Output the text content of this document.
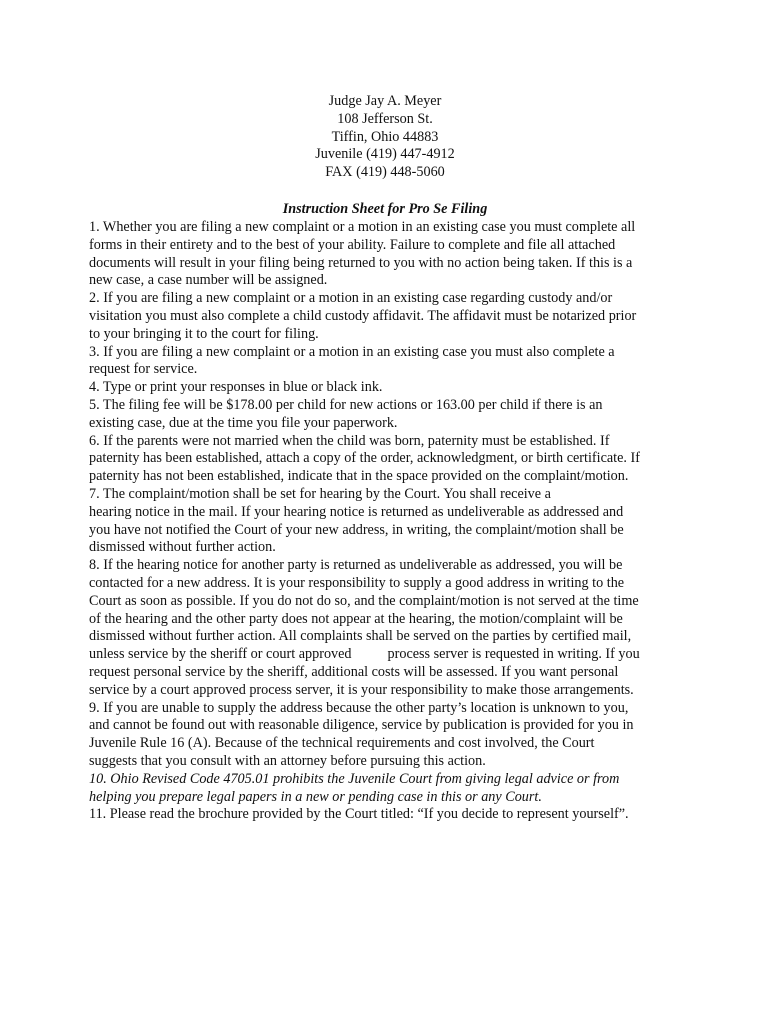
Judge Jay A. Meyer
108 Jefferson St.
Tiffin, Ohio 44883
Juvenile (419) 447-4912
FAX (419) 448-5060
Instruction Sheet for Pro Se Filing
1. Whether you are filing a new complaint or a motion in an existing case you must complete all
forms in their entirety and to the best of your ability. Failure to complete and file all attached
documents will result in your filing being returned to you with no action being taken. If this is a
new case, a case number will be assigned.
2. If you are filing a new complaint or a motion in an existing case regarding custody and/or
visitation you must also complete a child custody affidavit. The affidavit must be notarized prior
to your bringing it to the court for filing.
3. If you are filing a new complaint or a motion in an existing case you must also complete a
request for service.
4. Type or print your responses in blue or black ink.
5. The filing fee will be $178.00 per child for new actions or 163.00 per child if there is an
existing case, due at the time you file your paperwork.
6. If the parents were not married when the child was born, paternity must be established. If
paternity has been established, attach a copy of the order, acknowledgment, or birth certificate. If
paternity has not been established, indicate that in the space provided on the complaint/motion.
7. The complaint/motion shall be set for hearing by the Court. You shall receive a
hearing notice in the mail. If your hearing notice is returned as undeliverable as addressed and
you have not notified the Court of your new address, in writing, the complaint/motion shall be
dismissed without further action.
8. If the hearing notice for another party is returned as undeliverable as addressed, you will be
contacted for a new address. It is your responsibility to supply a good address in writing to the
Court as soon as possible. If you do not do so, and the complaint/motion is not served at the time
of the hearing and the other party does not appear at the hearing, the motion/complaint will be
dismissed without further action. All complaints shall be served on the parties by certified mail,
unless service by the sheriff or court approved	process server is requested in writing. If you
request personal service by the sheriff, additional costs will be assessed. If you want personal
service by a court approved process server, it is your responsibility to make those arrangements.
9. If you are unable to supply the address because the other party’s location is unknown to you,
and cannot be found out with reasonable diligence, service by publication is provided for you in
Juvenile Rule 16 (A). Because of the technical requirements and cost involved, the Court
suggests that you consult with an attorney before pursuing this action.
10. Ohio Revised Code 4705.01 prohibits the Juvenile Court from giving legal advice or from
helping you prepare legal papers in a new or pending case in this or any Court.
11. Please read the brochure provided by the Court titled: “If you decide to represent yourself”.
